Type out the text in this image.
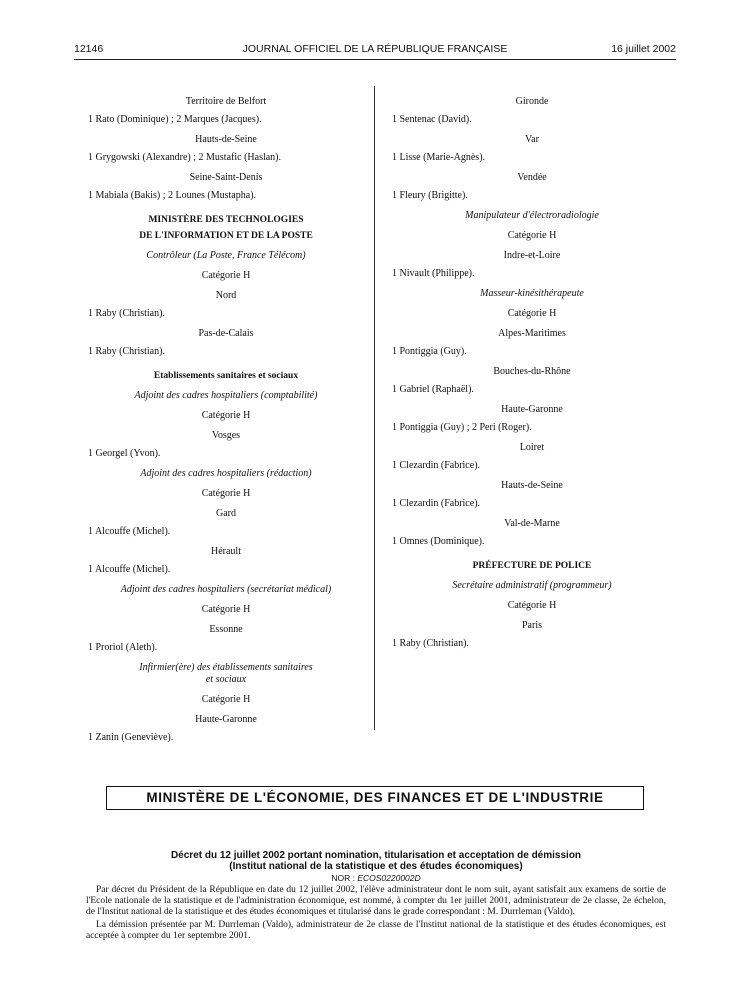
12146	JOURNAL OFFICIEL DE LA RÉPUBLIQUE FRANÇAISE	16 juillet 2002
Territoire de Belfort
1 Rato (Dominique) ; 2 Marques (Jacques).
Hauts-de-Seine
1 Grygowski (Alexandre) ; 2 Mustafic (Haslan).
Seine-Saint-Denis
1 Mabiala (Bakis) ; 2 Lounes (Mustapha).
MINISTÈRE DES TECHNOLOGIES
DE L'INFORMATION ET DE LA POSTE
Contrôleur (La Poste, France Télécom)
Catégorie H
Nord
1 Raby (Christian).
Pas-de-Calais
1 Raby (Christian).
Etablissements sanitaires et sociaux
Adjoint des cadres hospitaliers (comptabilité)
Catégorie H
Vosges
1 Georgel (Yvon).
Adjoint des cadres hospitaliers (rédaction)
Catégorie H
Gard
1 Alcouffe (Michel).
Hérault
1 Alcouffe (Michel).
Adjoint des cadres hospitaliers (secrétariat médical)
Catégorie H
Essonne
1 Proriol (Aleth).
Infirmier(ère) des établissements sanitaires
et sociaux
Catégorie H
Haute-Garonne
1 Zanin (Geneviève).
Gironde
1 Sentenac (David).
Var
1 Lisse (Marie-Agnès).
Vendée
1 Fleury (Brigitte).
Manipulateur d'électroradiologie
Catégorie H
Indre-et-Loire
1 Nivault (Philippe).
Masseur-kinésithérapeute
Catégorie H
Alpes-Maritimes
1 Pontiggia (Guy).
Bouches-du-Rhône
1 Gabriel (Raphaël).
Haute-Garonne
1 Pontiggia (Guy) ; 2 Peri (Roger).
Loiret
1 Clezardin (Fabrice).
Hauts-de-Seine
1 Clezardin (Fabrice).
Val-de-Marne
1 Omnes (Dominique).
PRÉFECTURE DE POLICE
Secrétaire administratif (programmeur)
Catégorie H
Paris
1 Raby (Christian).
MINISTÈRE DE L'ÉCONOMIE, DES FINANCES ET DE L'INDUSTRIE
Décret du 12 juillet 2002 portant nomination, titularisation et acceptation de démission
(Institut national de la statistique et des études économiques)
NOR : ECOS0220002D

Par décret du Président de la République en date du 12 juillet 2002, l'élève administrateur dont le nom suit, ayant satisfait aux examens de sortie de l'Ecole nationale de la statistique et de l'administration économique, est nommé, à compter du 1er juillet 2001, administrateur de 2e classe, 2e échelon, de l'Institut national de la statistique et des études économiques et titularisé dans le grade correspondant : M. Durrleman (Valdo).

La démission présentée par M. Durrleman (Valdo), administrateur de 2e classe de l'Institut national de la statistique et des études économiques, est acceptée à compter du 1er septembre 2001.
